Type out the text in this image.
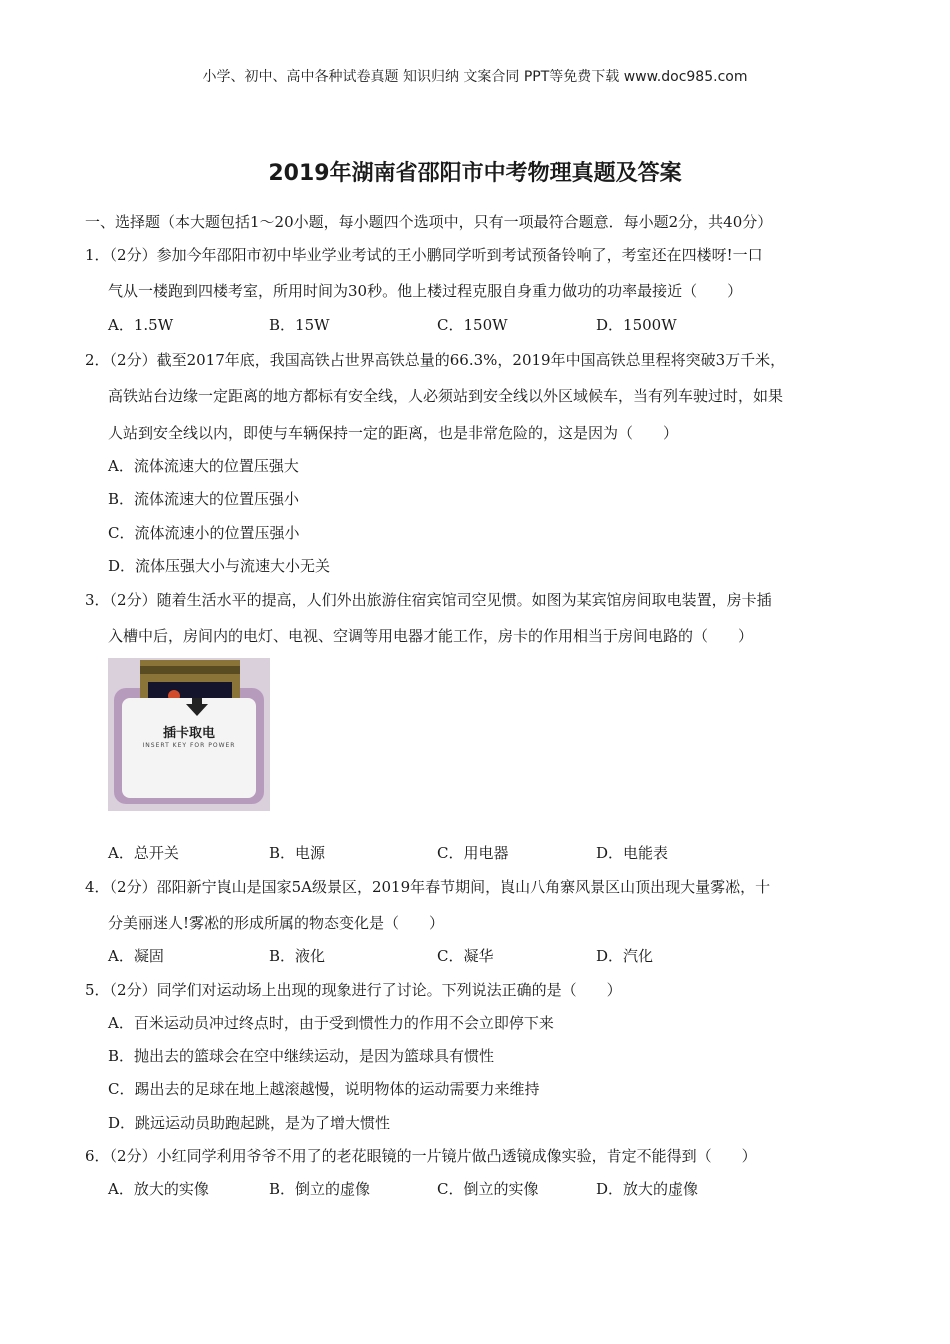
小学、初中、高中各种试卷真题 知识归纳 文案合同 PPT等免费下载 www.doc985.com
2019年湖南省邵阳市中考物理真题及答案
一、选择题（本大题包括1～20小题，每小题四个选项中，只有一项最符合题意．每小题2分，共40分）
1．（2分）参加今年邵阳市初中毕业学业考试的王小鹏同学听到考试预备铃响了，考室还在四楼呀!一口
气从一楼跑到四楼考室，所用时间为30秒。他上楼过程克服自身重力做功的功率最接近（　　）
A．1.5W	B．15W	C．150W	D．1500W
2．（2分）截至2017年底，我国高铁占世界高铁总量的66.3%，2019年中国高铁总里程将突破3万千米，
高铁站台边缘一定距离的地方都标有安全线，人必须站到安全线以外区域候车，当有列车驶过时，如果
人站到安全线以内，即使与车辆保持一定的距离，也是非常危险的，这是因为（　　）
A．流体流速大的位置压强大
B．流体流速大的位置压强小
C．流体流速小的位置压强小
D．流体压强大小与流速大小无关
3．（2分）随着生活水平的提高，人们外出旅游住宿宾馆司空见惯。如图为某宾馆房间取电装置，房卡插
入槽中后，房间内的电灯、电视、空调等用电器才能工作，房卡的作用相当于房间电路的（　　）
插卡取电
INSERT KEY FOR POWER
A．总开关	B．电源	C．用电器	D．电能表
4．（2分）邵阳新宁崀山是国家5A级景区，2019年春节期间，崀山八角寨风景区山顶出现大量雾凇，十
分美丽迷人!雾凇的形成所属的物态变化是（　　）
A．凝固	B．液化	C．凝华	D．汽化
5．（2分）同学们对运动场上出现的现象进行了讨论。下列说法正确的是（　　）
A．百米运动员冲过终点时，由于受到惯性力的作用不会立即停下来
B．抛出去的篮球会在空中继续运动，是因为篮球具有惯性
C．踢出去的足球在地上越滚越慢，说明物体的运动需要力来维持
D．跳远运动员助跑起跳，是为了增大惯性
6．（2分）小红同学利用爷爷不用了的老花眼镜的一片镜片做凸透镜成像实验，肯定不能得到（　　）
A．放大的实像	B．倒立的虚像	C．倒立的实像	D．放大的虚像
